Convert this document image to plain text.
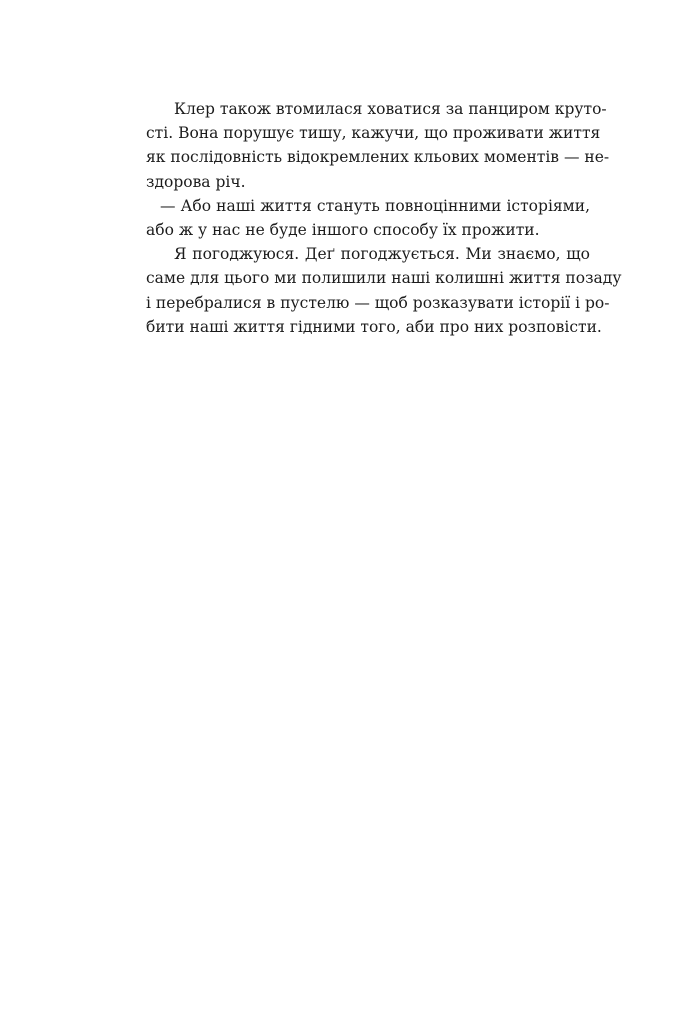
Клер також втомилася ховатися за панциром круто-
сті. Вона порушує тишу, кажучи, що проживати життя
як послідовність відокремлених кльових моментів — не-
здорова річ.
— Або наші життя стануть повноцінними історіями,
або ж у нас не буде іншого способу їх прожити.
Я погоджуюся. Деґ погоджується. Ми знаємо, що
саме для цього ми полишили наші колишні життя позаду
і перебралися в пустелю — щоб розказувати історії і ро-
бити наші життя гідними того, аби про них розповісти.
